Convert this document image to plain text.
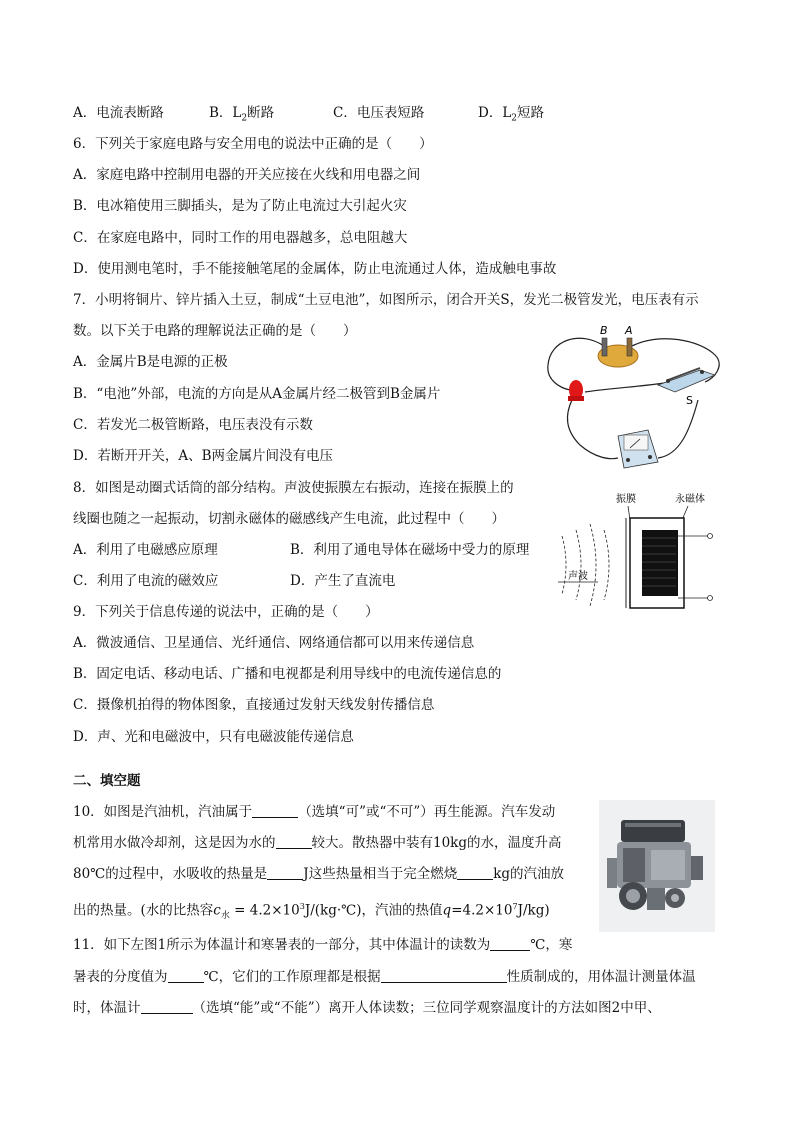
A．电流表断路	B．$L_2$断路	C．电压表短路	D．$L_2$短路
6．下列关于家庭电路与安全用电的说法中正确的是（　　）
A．家庭电路中控制用电器的开关应接在火线和用电器之间
B．电冰箱使用三脚插头，是为了防止电流过大引起火灾
C．在家庭电路中，同时工作的用电器越多，总电阻越大
D．使用测电笔时，手不能接触笔尾的金属体，防止电流通过人体，造成触电事故
7．小明将铜片、锌片插入土豆，制成“土豆电池”，如图所示，闭合开关S，发光二极管发光，电压表有示
数。以下关于电路的理解说法正确的是（　　）
A．金属片B是电源的正极
B．“电池”外部，电流的方向是从A金属片经二极管到B金属片
C．若发光二极管断路，电压表没有示数
D．若断开开关，A、B两金属片间没有电压
B A
S
8．如图是动圈式话筒的部分结构。声波使振膜左右振动，连接在振膜上的
线圈也随之一起振动，切割永磁体的磁感线产生电流，此过程中（　　）
A．利用了电磁感应原理	B．利用了通电导体在磁场中受力的原理
C．利用了电流的磁效应	D．产生了直流电
振膜	永磁体
声波
9．下列关于信息传递的说法中，正确的是（　　）
A．微波通信、卫星通信、光纤通信、网络通信都可以用来传递信息
B．固定电话、移动电话、广播和电视都是利用导线中的电流传递信息的
C．摄像机拍得的物体图象，直接通过发射天线发射传播信息
D．声、光和电磁波中，只有电磁波能传递信息
二、填空题
10．如图是汽油机，汽油属于	（选填“可”或“不可”）再生能源。汽车发动
机常用水做冷却剂，这是因为水的	较大。散热器中装有10kg的水，温度升高
80℃的过程中，水吸收的热量是	J这些热量相当于完全燃烧	kg的汽油放
出的热量。(水的比热容$c_水$ = $4.2\times 10^3J/(kg\cdot℃)$，汽油的热值$q=4.2\times 10^7J/kg$)
11．如下左图1所示为体温计和寒暑表的一部分，其中体温计的读数为	℃，寒
暑表的分度值为	℃，它们的工作原理都是根据	性质制成的，用体温计测量体温
时，体温计	（选填“能”或“不能”）离开人体读数；三位同学观察温度计的方法如图2中甲、
